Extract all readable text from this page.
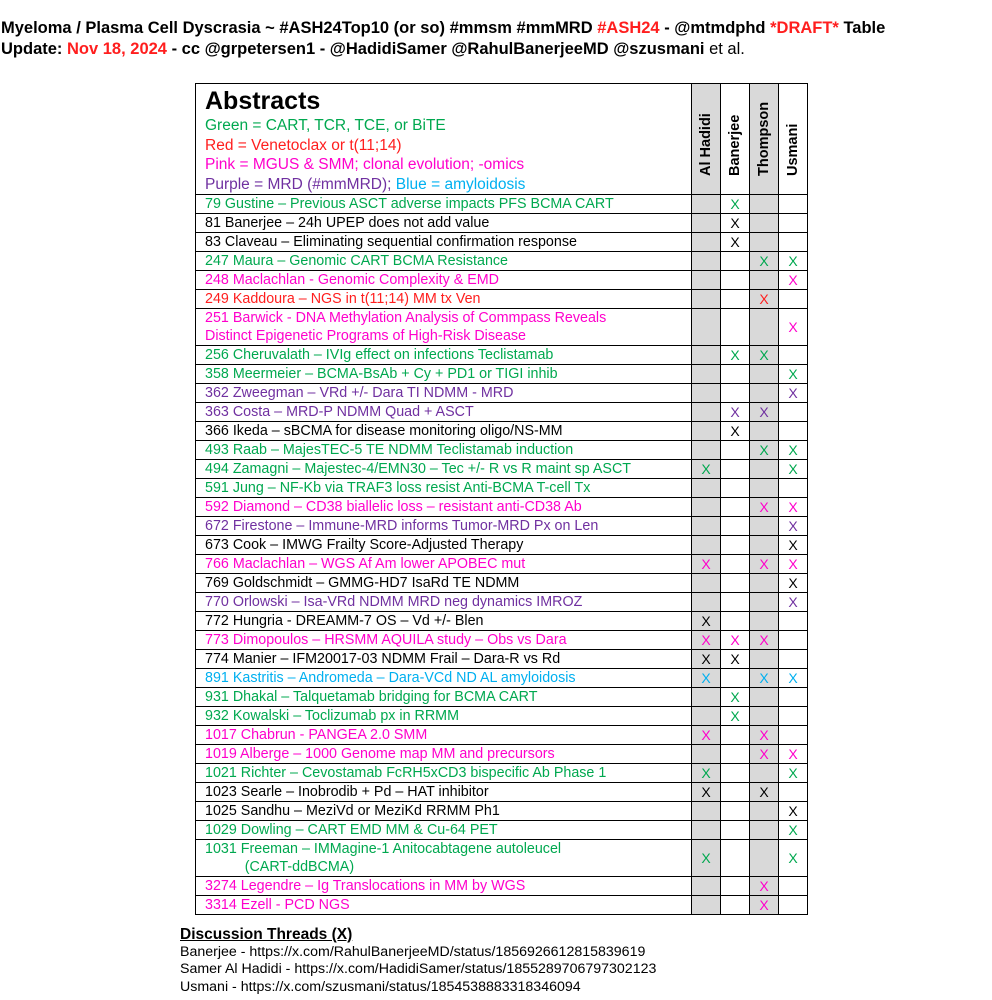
Myeloma / Plasma Cell Dyscrasia ~ #ASH24Top10 (or so) #mmsm #mmMRD #ASH24 - @mtmdphd *DRAFT* Table
Update: Nov 18, 2024 - cc @grpetersen1 - @HadidiSamer @RahulBanerjeeMD @szusmani et al.
Abstracts
Green = CART, TCR, TCE, or BiTE
Red = Venetoclax or t(11;14)
Pink = MGUS & SMM; clonal evolution; -omics
Purple = MRD (#mmMRD); Blue = amyloidosis	Al Hadidi	Banerjee	Thompson	Usmani

79 Gustine – Previous ASCT adverse impacts PFS BCMA CART		X		

81 Banerjee – 24h UPEP does not add value		X		

83 Claveau – Eliminating sequential confirmation response		X		

247 Maura – Genomic CART BCMA Resistance			X	X

248 Maclachlan - Genomic Complexity & EMD				X

249 Kaddoura – NGS in t(11;14) MM tx Ven			X	

251 Barwick - DNA Methylation Analysis of Commpass Reveals
Distinct Epigenetic Programs of High-Risk Disease				X

256 Cheruvalath – IVIg effect on infections Teclistamab		X	X	

358 Meermeier – BCMA-BsAb + Cy + PD1 or TIGI inhib				X

362 Zweegman – VRd +/- Dara TI NDMM - MRD				X

363 Costa – MRD-P NDMM Quad + ASCT		X	X	

366 Ikeda – sBCMA for disease monitoring oligo/NS-MM		X		

493 Raab – MajesTEC-5 TE NDMM Teclistamab induction			X	X

494 Zamagni – Majestec-4/EMN30 – Tec +/- R vs R maint sp ASCT	X			X

591 Jung – NF-Kb via TRAF3 loss resist Anti-BCMA T-cell Tx				

592 Diamond – CD38 biallelic loss – resistant anti-CD38 Ab			X	X

672 Firestone – Immune-MRD informs Tumor-MRD Px on Len				X

673 Cook – IMWG Frailty Score-Adjusted Therapy				X

766 Maclachlan – WGS Af Am lower APOBEC mut	X		X	X

769 Goldschmidt – GMMG-HD7 IsaRd TE NDMM				X

770 Orlowski – Isa-VRd NDMM MRD neg dynamics IMROZ				X

772 Hungria - DREAMM-7 OS – Vd +/- Blen	X			

773 Dimopoulos – HRSMM AQUILA study – Obs vs Dara	X	X	X	

774 Manier – IFM20017-03 NDMM Frail – Dara-R vs Rd	X	X		

891 Kastritis – Andromeda – Dara-VCd ND AL amyloidosis	X		X	X

931 Dhakal – Talquetamab bridging for BCMA CART		X		

932 Kowalski – Toclizumab px in RRMM		X		

1017 Chabrun - PANGEA 2.0 SMM	X		X	

1019 Alberge – 1000 Genome map MM and precursors			X	X

1021 Richter – Cevostamab FcRH5xCD3 bispecific Ab Phase 1	X			X

1023 Searle – Inobrodib + Pd – HAT inhibitor	X		X	

1025 Sandhu – MeziVd or MeziKd RRMM Ph1				X

1029 Dowling – CART EMD MM & Cu-64 PET				X

1031 Freeman – IMMagine-1 Anitocabtagene autoleucel
(CART-ddBCMA)	X			X

3274 Legendre – Ig Translocations in MM by WGS			X	

3314 Ezell - PCD NGS			X	
Discussion Threads (X)
Banerjee - https://x.com/RahulBanerjeeMD/status/1856926612815839619
Samer Al Hadidi - https://x.com/HadidiSamer/status/1855289706797302123
Usmani - https://x.com/szusmani/status/1854538883318346094
